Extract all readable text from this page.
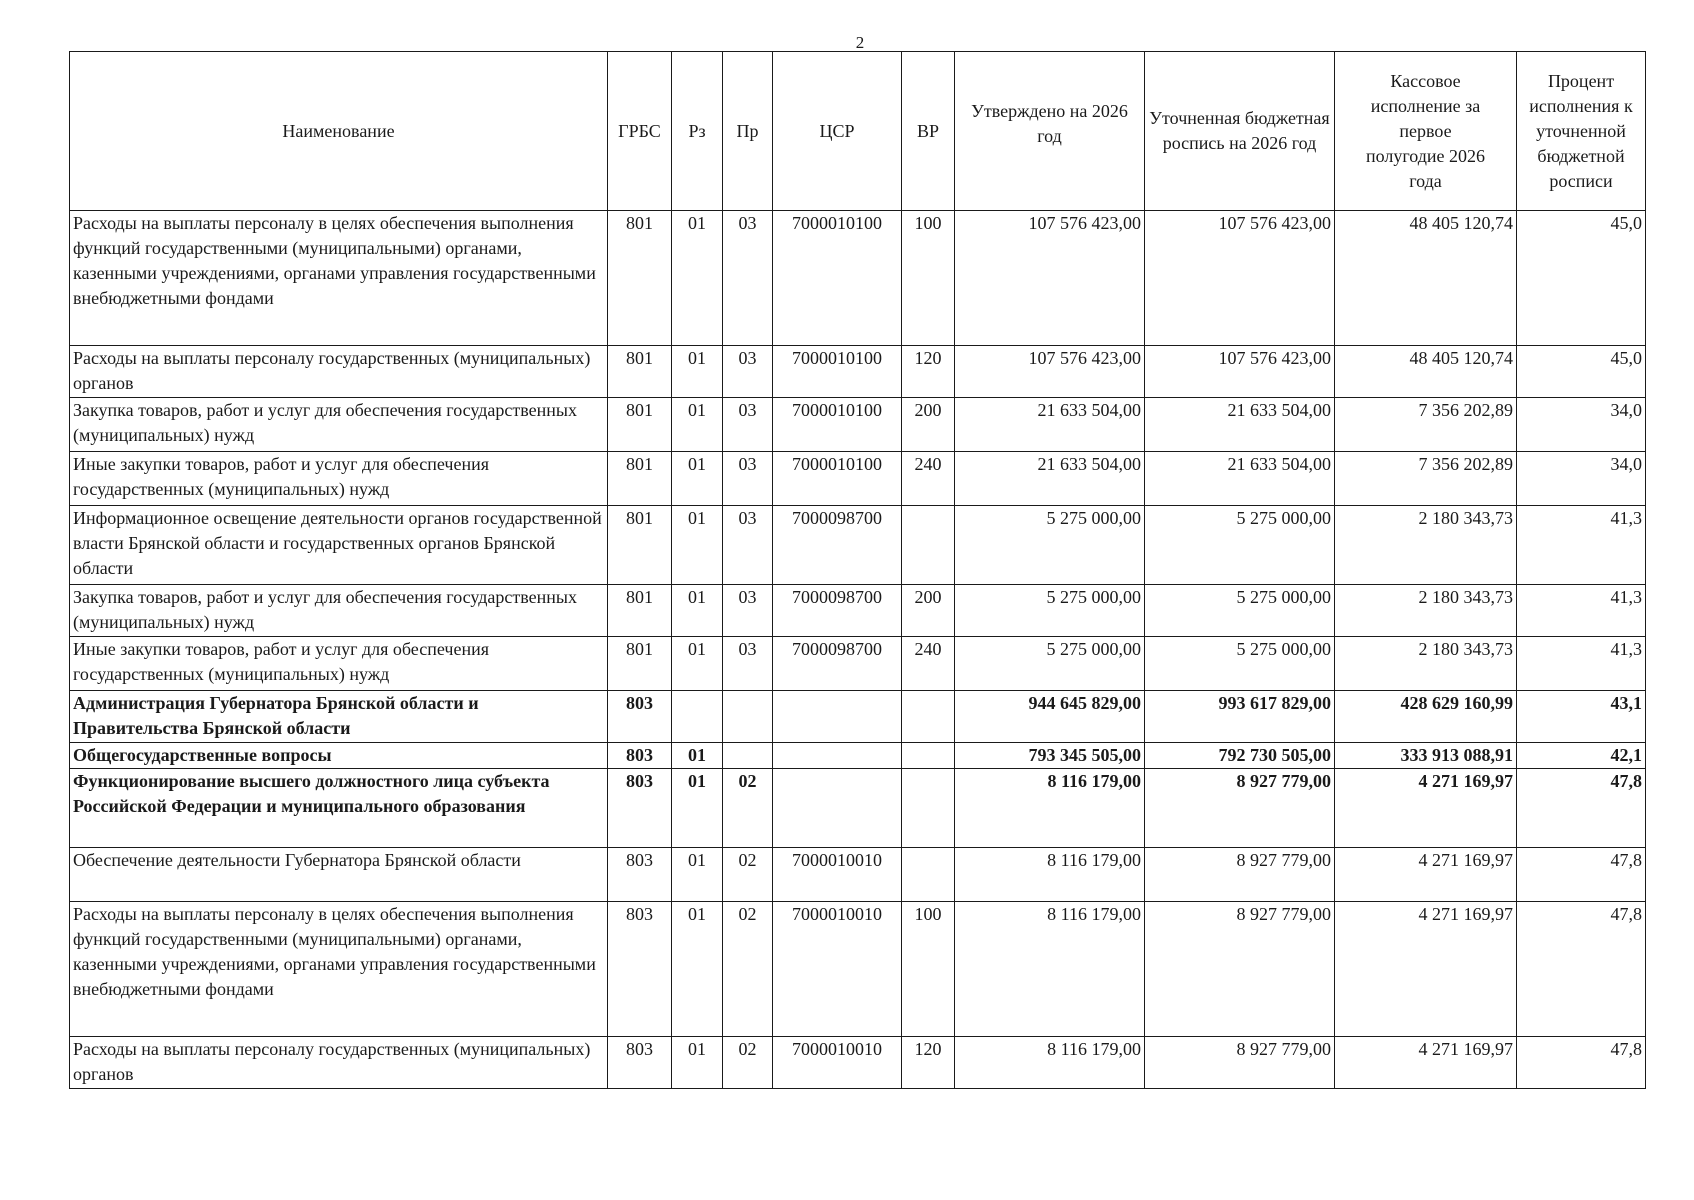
2
Наименование	ГРБС	Рз	Пр	ЦСР	ВР	Утверждено на 2026 год	Уточненная бюджетная роспись на 2026 год	Кассовое исполнение за первое полугодие 2026 года	Процент исполнения к уточненной бюджетной росписи
Расходы на выплаты персоналу в целях обеспечения выполнения функций государственными (муниципальными) органами, казенными учреждениями, органами управления государственными внебюджетными фондами	801	01	03	7000010100	100	107 576 423,00	107 576 423,00	48 405 120,74	45,0
Расходы на выплаты персоналу государственных (муниципальных) органов	801	01	03	7000010100	120	107 576 423,00	107 576 423,00	48 405 120,74	45,0
Закупка товаров, работ и услуг для обеспечения государственных (муниципальных) нужд	801	01	03	7000010100	200	21 633 504,00	21 633 504,00	7 356 202,89	34,0
Иные закупки товаров, работ и услуг для обеспечения государственных (муниципальных) нужд	801	01	03	7000010100	240	21 633 504,00	21 633 504,00	7 356 202,89	34,0
Информационное освещение деятельности органов государственной власти Брянской области и государственных органов Брянской области	801	01	03	7000098700		5 275 000,00	5 275 000,00	2 180 343,73	41,3
Закупка товаров, работ и услуг для обеспечения государственных (муниципальных) нужд	801	01	03	7000098700	200	5 275 000,00	5 275 000,00	2 180 343,73	41,3
Иные закупки товаров, работ и услуг для обеспечения государственных (муниципальных) нужд	801	01	03	7000098700	240	5 275 000,00	5 275 000,00	2 180 343,73	41,3
Администрация Губернатора Брянской области и Правительства Брянской области	803					944 645 829,00	993 617 829,00	428 629 160,99	43,1
Общегосударственные вопросы	803	01				793 345 505,00	792 730 505,00	333 913 088,91	42,1
Функционирование высшего должностного лица субъекта Российской Федерации и муниципального образования	803	01	02			8 116 179,00	8 927 779,00	4 271 169,97	47,8
Обеспечение деятельности Губернатора Брянской области	803	01	02	7000010010		8 116 179,00	8 927 779,00	4 271 169,97	47,8
Расходы на выплаты персоналу в целях обеспечения выполнения функций государственными (муниципальными) органами, казенными учреждениями, органами управления государственными внебюджетными фондами	803	01	02	7000010010	100	8 116 179,00	8 927 779,00	4 271 169,97	47,8
Расходы на выплаты персоналу государственных (муниципальных) органов	803	01	02	7000010010	120	8 116 179,00	8 927 779,00	4 271 169,97	47,8
